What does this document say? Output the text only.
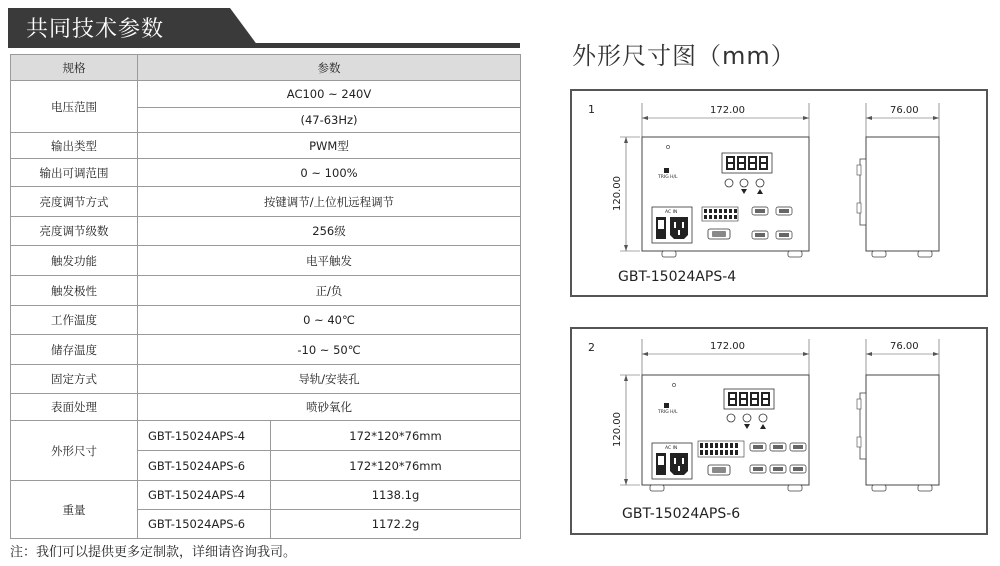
共同技术参数
规格	参数	
电压范围	AC100 ~ 240V	
	(47-63Hz)	
输出类型	PWM型	
输出可调范围	0 ~ 100%	
亮度调节方式	按键调节/上位机远程调节	
亮度调节级数	256级	
触发功能	电平触发	
触发极性	正/负	
工作温度	0 ~ 40℃	
储存温度	-10 ~ 50℃	
固定方式	导轨/安装孔	
表面处理	喷砂氧化	
外形尺寸	GBT-15024APS-4	172*120*76mm
	GBT-15024APS-6	172*120*76mm
重量	GBT-15024APS-4	1138.1g
	GBT-15024APS-6	1172.2g
注：我们可以提供更多定制款，详细请咨询我司。
外形尺寸图（mm）
1	172.00	76.00
120.00	TRIG H/L
AC IN
GBT-15024APS-4
2	172.00	76.00
120.00	TRIG H/L
AC IN
GBT-15024APS-6
